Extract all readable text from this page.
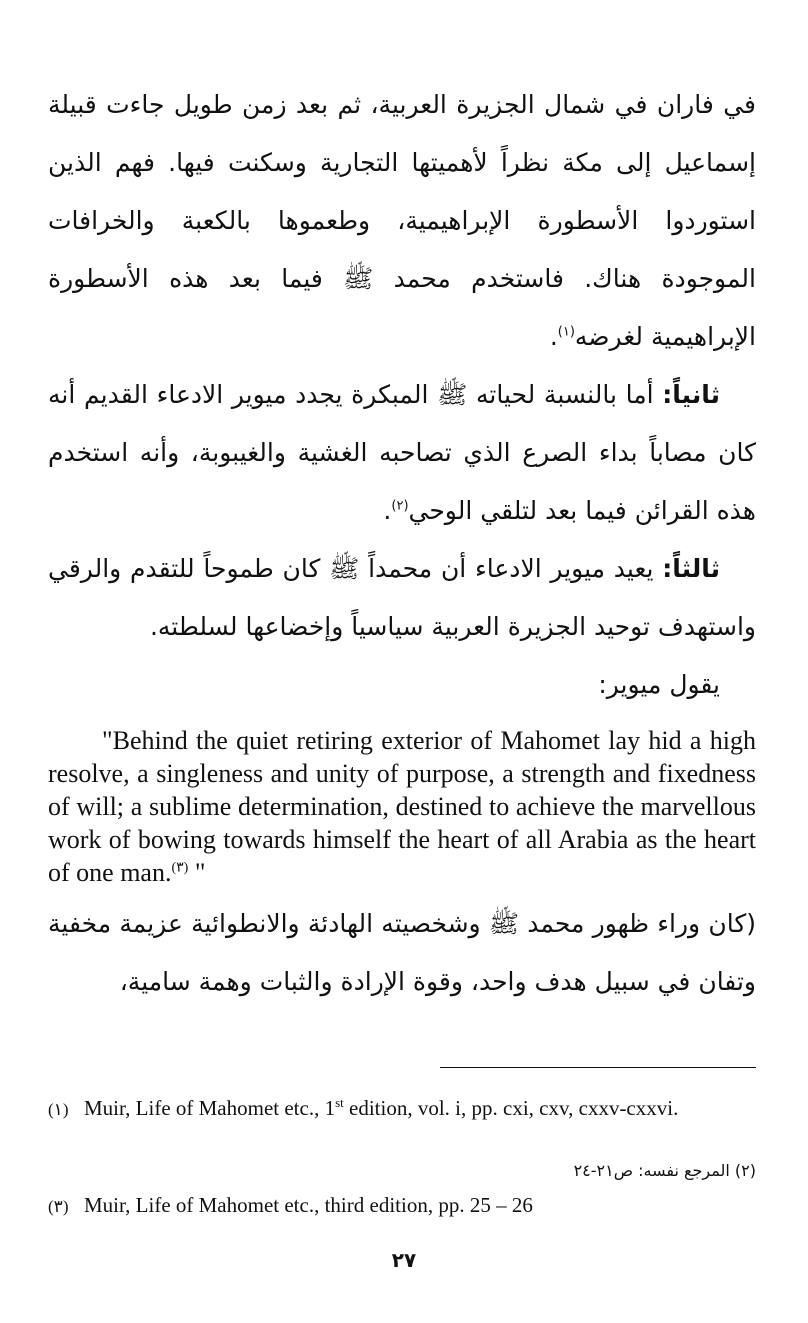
في فاران في شمال الجزيرة العربية، ثم بعد زمن طويل جاءت قبيلة إسماعيل إلى مكة نظراً لأهميتها التجارية وسكنت فيها. فهم الذين استوردوا الأسطورة الإبراهيمية، وطعموها بالكعبة والخرافات الموجودة هناك. فاستخدم محمد ﷺ فيما بعد هذه الأسطورة الإبراهيمية لغرضه$^{(١)}$.

ثانياً: أما بالنسبة لحياته ﷺ المبكرة يجدد ميوير الادعاء القديم أنه كان مصاباً بداء الصرع الذي تصاحبه الغشية والغيبوبة، وأنه استخدم هذه القرائن فيما بعد لتلقي الوحي$^{(٢)}$.

ثالثاً: يعيد ميوير الادعاء أن محمداً ﷺ كان طموحاً للتقدم والرقي واستهدف توحيد الجزيرة العربية سياسياً وإخضاعها لسلطته.

يقول ميوير:

"Behind the quiet retiring exterior of Mahomet lay hid a high resolve, a singleness and unity of purpose, a strength and fixedness of will; a sublime determination, destined to achieve the marvellous work of bowing towards himself the heart of all Arabia as the heart of one man.$^{(٣)}$ "

(كان وراء ظهور محمد ﷺ وشخصيته الهادئة والانطوائية عزيمة مخفية وتفان في سبيل هدف واحد، وقوة الإرادة والثبات وهمة سامية،

(١) Muir, Life of Mahomet etc., 1st edition, vol. i, pp. cxi, cxv, cxxv-cxxvi.
(٢) المرجع نفسه: ص٢١-٢٤
(٣) Muir, Life of Mahomet etc., third edition, pp. 25 – 26
٢٧
